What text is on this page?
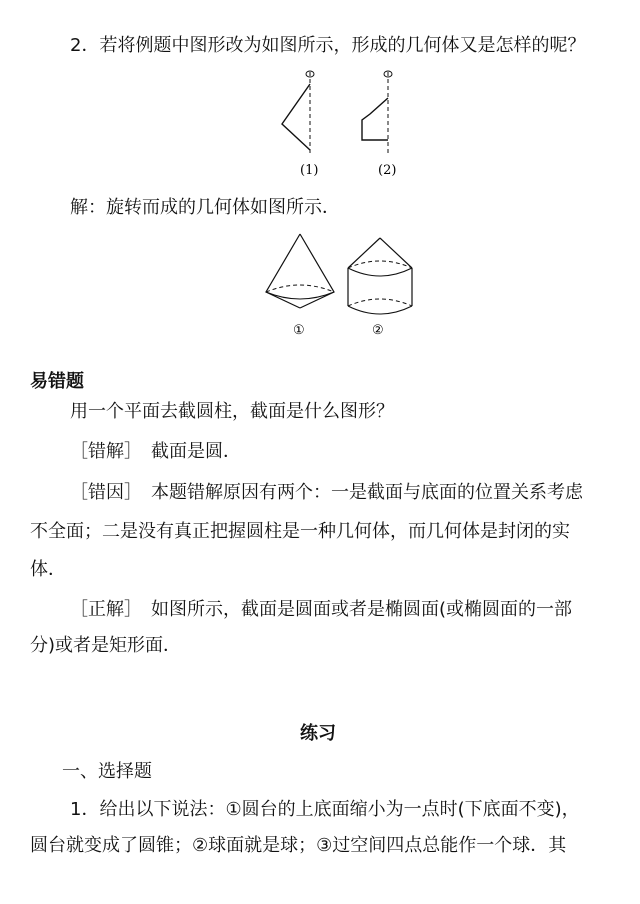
2．若将例题中图形改为如图所示，形成的几何体又是怎样的呢？
(1)	(2)
解：旋转而成的几何体如图所示．
①	②
易错题
用一个平面去截圆柱，截面是什么图形？
［错解］　截面是圆．
［错因］　本题错解原因有两个：一是截面与底面的位置关系考虑
不全面；二是没有真正把握圆柱是一种几何体，而几何体是封闭的实
体．
［正解］　如图所示，截面是圆面或者是椭圆面(或椭圆面的一部
分)或者是矩形面．
练习
一、选择题
1．给出以下说法：①圆台的上底面缩小为一点时(下底面不变)，
圆台就变成了圆锥；②球面就是球；③过空间四点总能作一个球．其
